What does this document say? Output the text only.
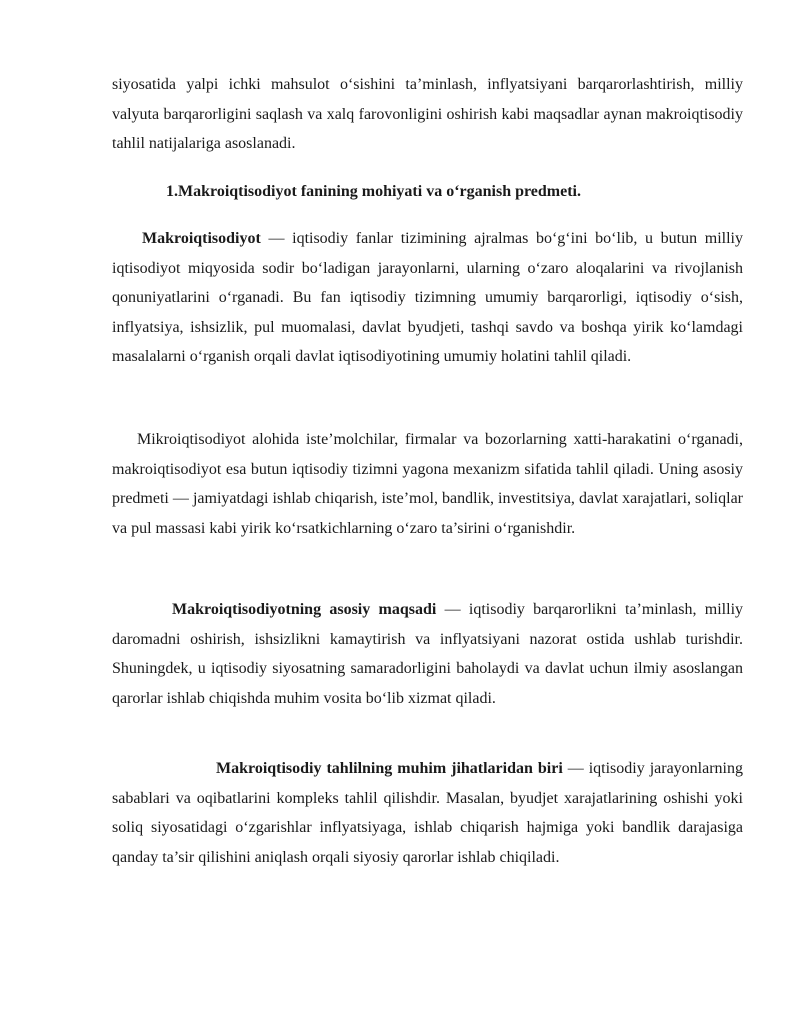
siyosatida yalpi ichki mahsulot o‘sishini ta’minlash, inflyatsiyani barqarorlashtirish, milliy valyuta barqarorligini saqlash va xalq farovonligini oshirish kabi maqsadlar aynan makroiqtisodiy tahlil natijalariga asoslanadi.

1.Makroiqtisodiyot fanining mohiyati va o‘rganish predmeti.

Makroiqtisodiyot — iqtisodiy fanlar tizimining ajralmas bo‘g‘ini bo‘lib, u butun milliy iqtisodiyot miqyosida sodir bo‘ladigan jarayonlarni, ularning o‘zaro aloqalarini va rivojlanish qonuniyatlarini o‘rganadi. Bu fan iqtisodiy tizimning umumiy barqarorligi, iqtisodiy o‘sish, inflyatsiya, ishsizlik, pul muomalasi, davlat byudjeti, tashqi savdo va boshqa yirik ko‘lamdagi masalalarni o‘rganish orqali davlat iqtisodiyotining umumiy holatini tahlil qiladi.

Mikroiqtisodiyot alohida iste’molchilar, firmalar va bozorlarning xatti-harakatini o‘rganadi, makroiqtisodiyot esa butun iqtisodiy tizimni yagona mexanizm sifatida tahlil qiladi. Uning asosiy predmeti — jamiyatdagi ishlab chiqarish, iste’mol, bandlik, investitsiya, davlat xarajatlari, soliqlar va pul massasi kabi yirik ko‘rsatkichlarning o‘zaro ta’sirini o‘rganishdir.

Makroiqtisodiyotning asosiy maqsadi — iqtisodiy barqarorlikni ta’minlash, milliy daromadni oshirish, ishsizlikni kamaytirish va inflyatsiyani nazorat ostida ushlab turishdir. Shuningdek, u iqtisodiy siyosatning samaradorligini baholaydi va davlat uchun ilmiy asoslangan qarorlar ishlab chiqishda muhim vosita bo‘lib xizmat qiladi.

Makroiqtisodiy tahlilning muhim jihatlaridan biri — iqtisodiy jarayonlarning sabablari va oqibatlarini kompleks tahlil qilishdir. Masalan, byudjet xarajatlarining oshishi yoki soliq siyosatidagi o‘zgarishlar inflyatsiyaga, ishlab chiqarish hajmiga yoki bandlik darajasiga qanday ta’sir qilishini aniqlash orqali siyosiy qarorlar ishlab chiqiladi.
